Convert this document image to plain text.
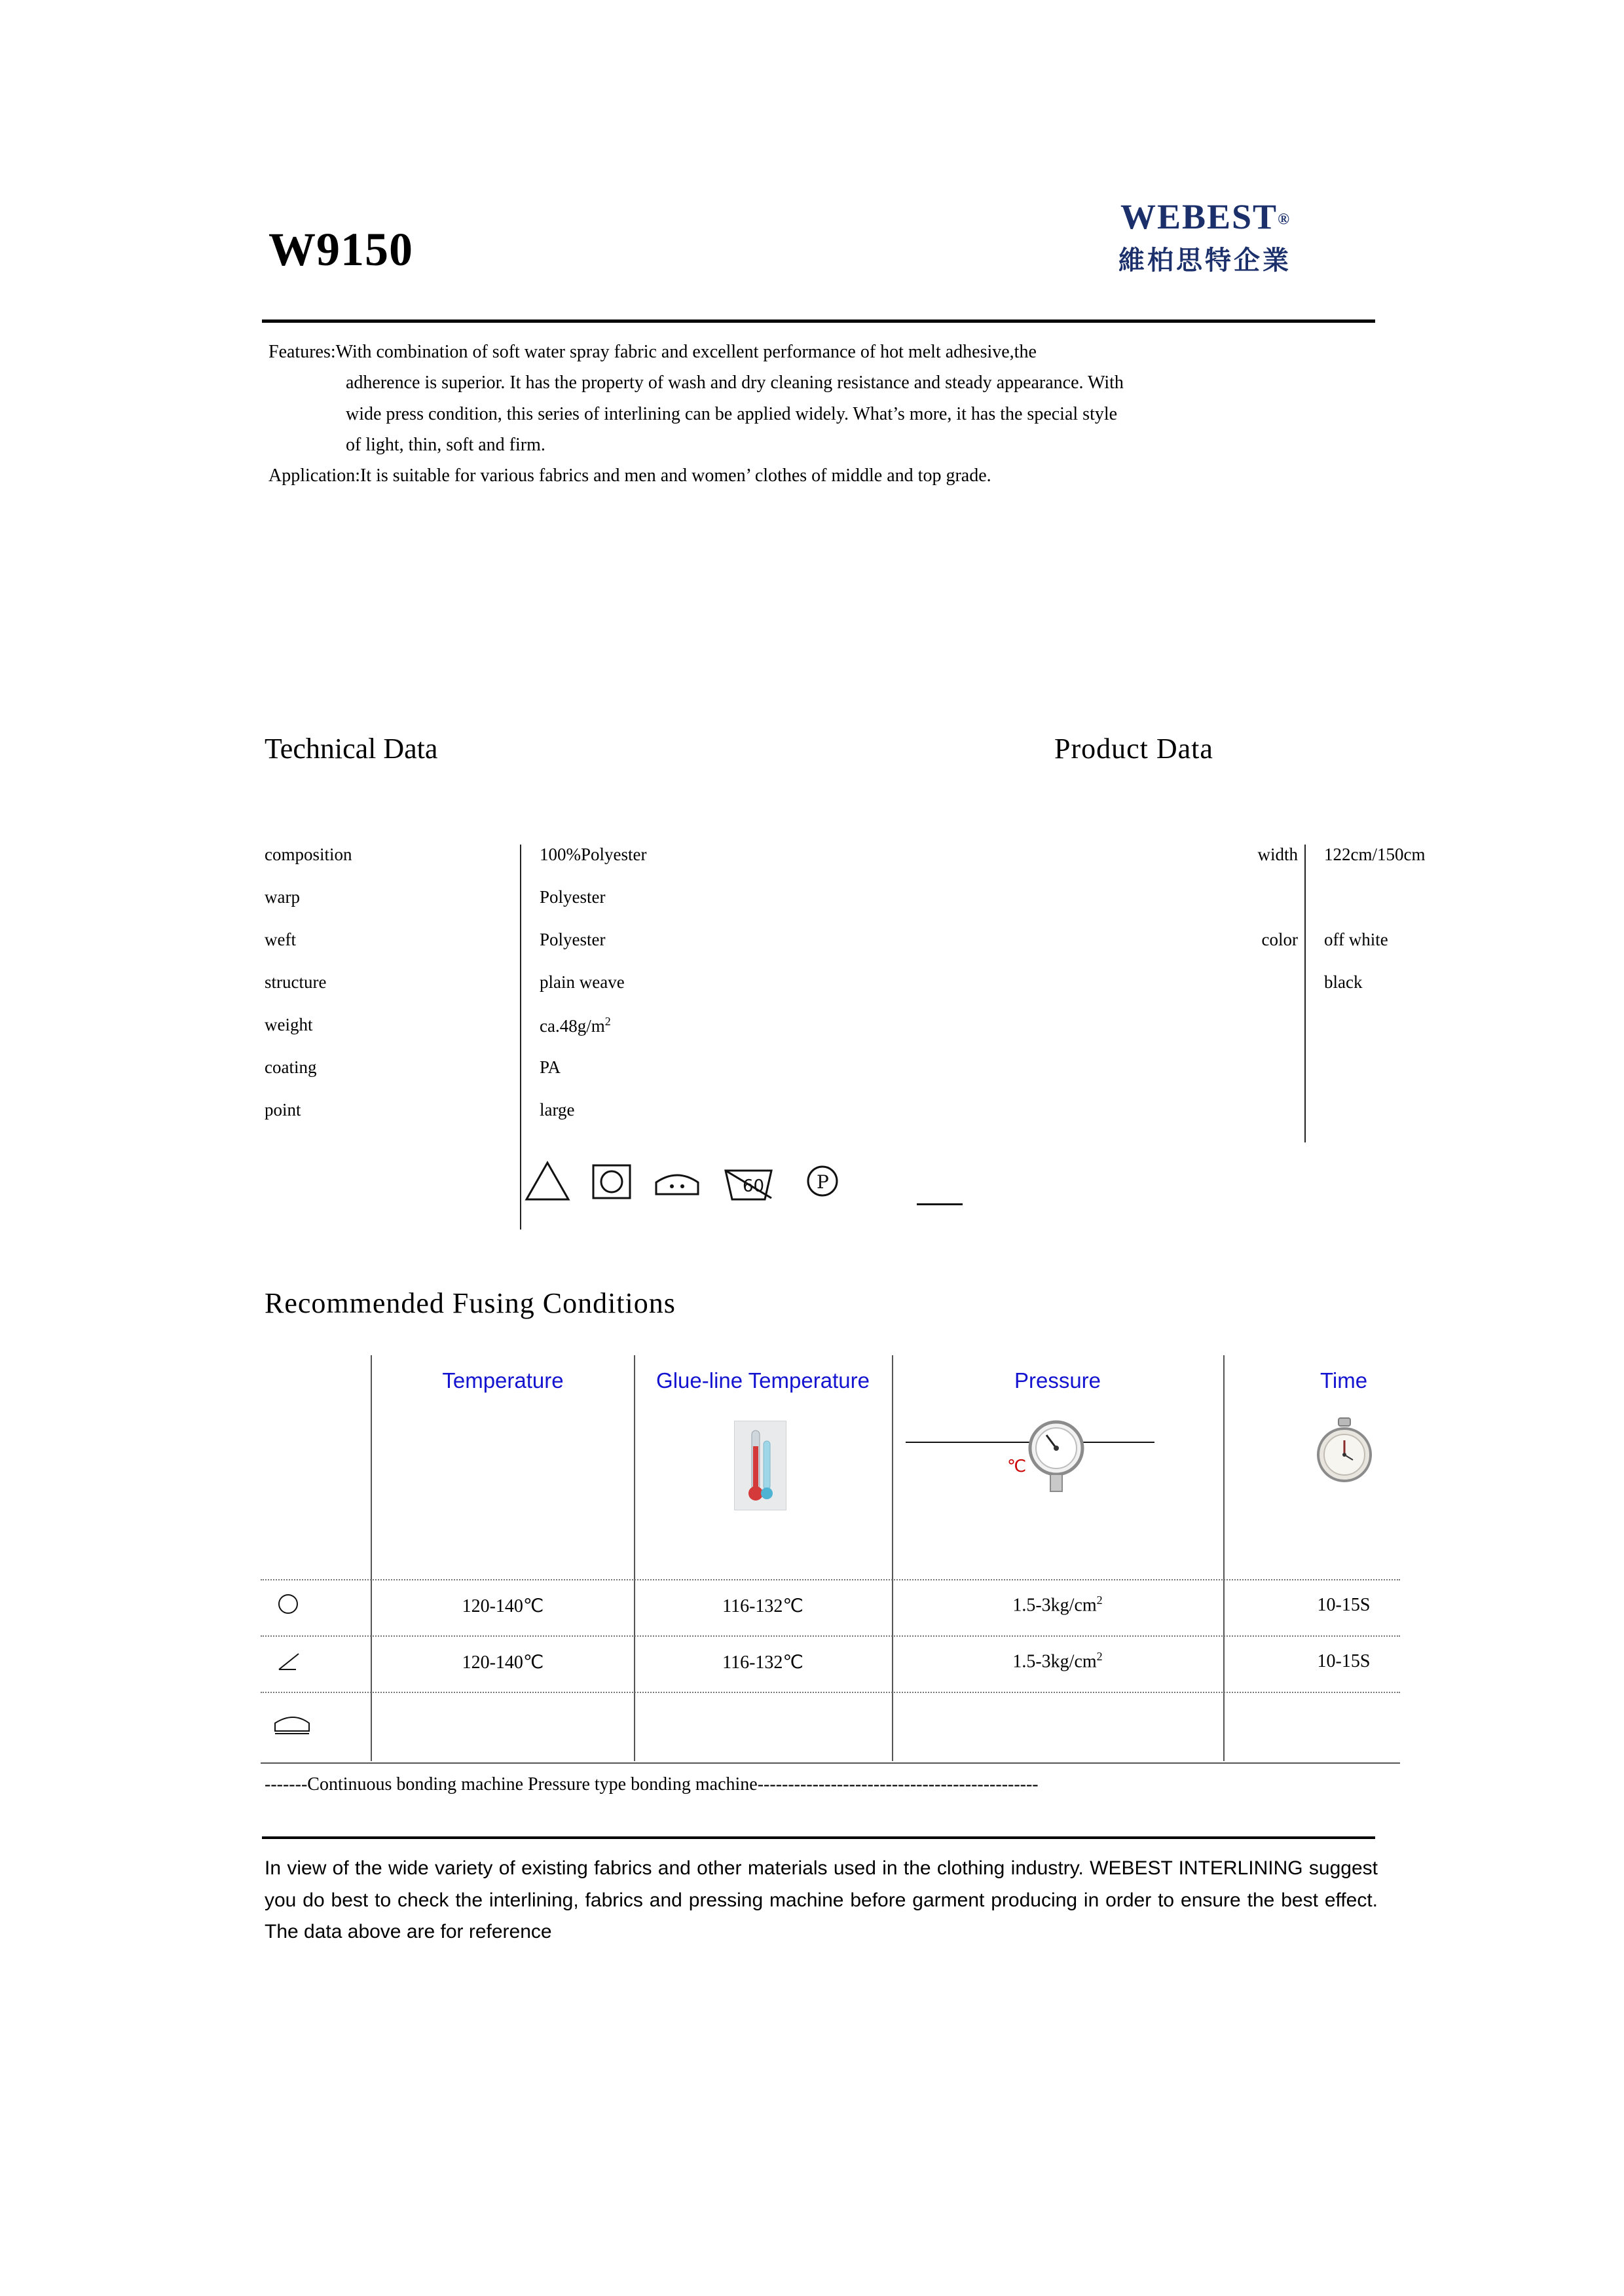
W9150
WEBEST®
維柏思特企業

Features:With combination of soft water spray fabric and excellent performance of hot melt adhesive,the

adherence is superior. It has the property of wash and dry cleaning resistance and steady appearance. With

wide press condition, this series of interlining can be applied widely. What’s more, it has the special style

of light, thin, soft and firm.

Application:It is suitable for various fabrics and men and women’ clothes of middle and top grade.

Technical Data	Product Data
composition	100%Polyester	width 122cm/150cm
warp	Polyester
weft	Polyester	color off white
structure	plain weave	black
weight	$ca.48g/m^2$
coating	PA
point	large
60	P
Recommended Fusing Conditions
Temperature	Glue-line Temperature	Pressure	Time
℃
120-140℃	116-132℃	$1.5-3kg/cm^2$	10-15S
120-140℃	116-132℃	$1.5-3kg/cm^2$	10-15S
-------Continuous bonding machine Pressure type bonding machine----------------------------------------------
In view of the wide variety of existing fabrics and other materials used in the clothing industry. WEBEST INTERLINING suggest you do best to check the interlining, fabrics and pressing machine before garment producing in order to ensure the best effect. The data above are for reference
